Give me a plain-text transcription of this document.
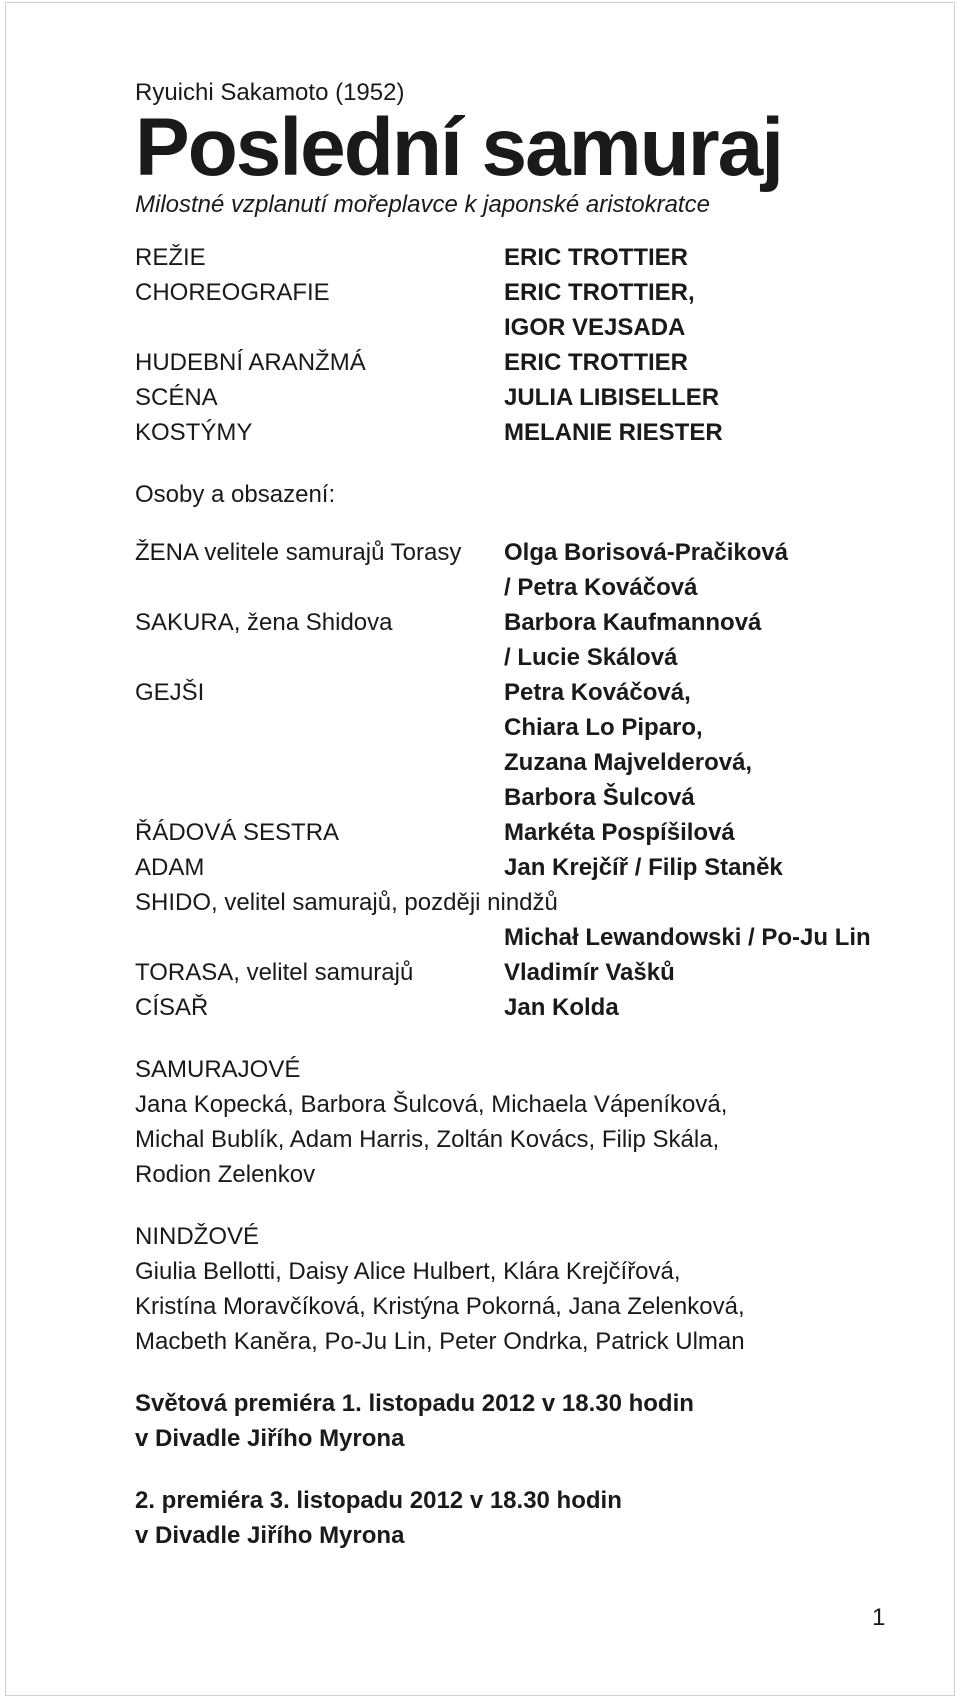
Ryuichi Sakamoto (1952)
Poslední samuraj
Milostné vzplanutí mořeplavce k japonské aristokratce
REŽIE	ERIC TROTTIER
CHOREOGRAFIE	ERIC TROTTIER,
IGOR VEJSADA
HUDEBNÍ ARANŽMÁ	ERIC TROTTIER
SCÉNA	JULIA LIBISELLER
KOSTÝMY	MELANIE RIESTER
Osoby a obsazení:
ŽENA velitele samurajů Torasy	Olga Borisová-Pračiková
/ Petra Kováčová
SAKURA, žena Shidova	Barbora Kaufmannová
/ Lucie Skálová
GEJŠI	Petra Kováčová,
Chiara Lo Piparo,
Zuzana Majvelderová,
Barbora Šulcová
ŘÁDOVÁ SESTRA	Markéta Pospíšilová
ADAM	Jan Krejčíř / Filip Staněk
SHIDO, velitel samurajů, později nindžů

Michał Lewandowski / Po-Ju Lin
TORASA, velitel samurajů	Vladimír Vašků
CÍSAŘ	Jan Kolda
SAMURAJOVÉ
Jana Kopecká, Barbora Šulcová, Michaela Vápeníková,
Michal Bublík, Adam Harris, Zoltán Kovács, Filip Skála,
Rodion Zelenkov
NINDŽOVÉ
Giulia Bellotti, Daisy Alice Hulbert, Klára Krejčířová,
Kristína Moravčíková, Kristýna Pokorná, Jana Zelenková,
Macbeth Kaněra, Po-Ju Lin, Peter Ondrka, Patrick Ulman
Světová premiéra 1. listopadu 2012 v 18.30 hodin
v Divadle Jiřího Myrona
2. premiéra 3. listopadu 2012 v 18.30 hodin
v Divadle Jiřího Myrona
1
